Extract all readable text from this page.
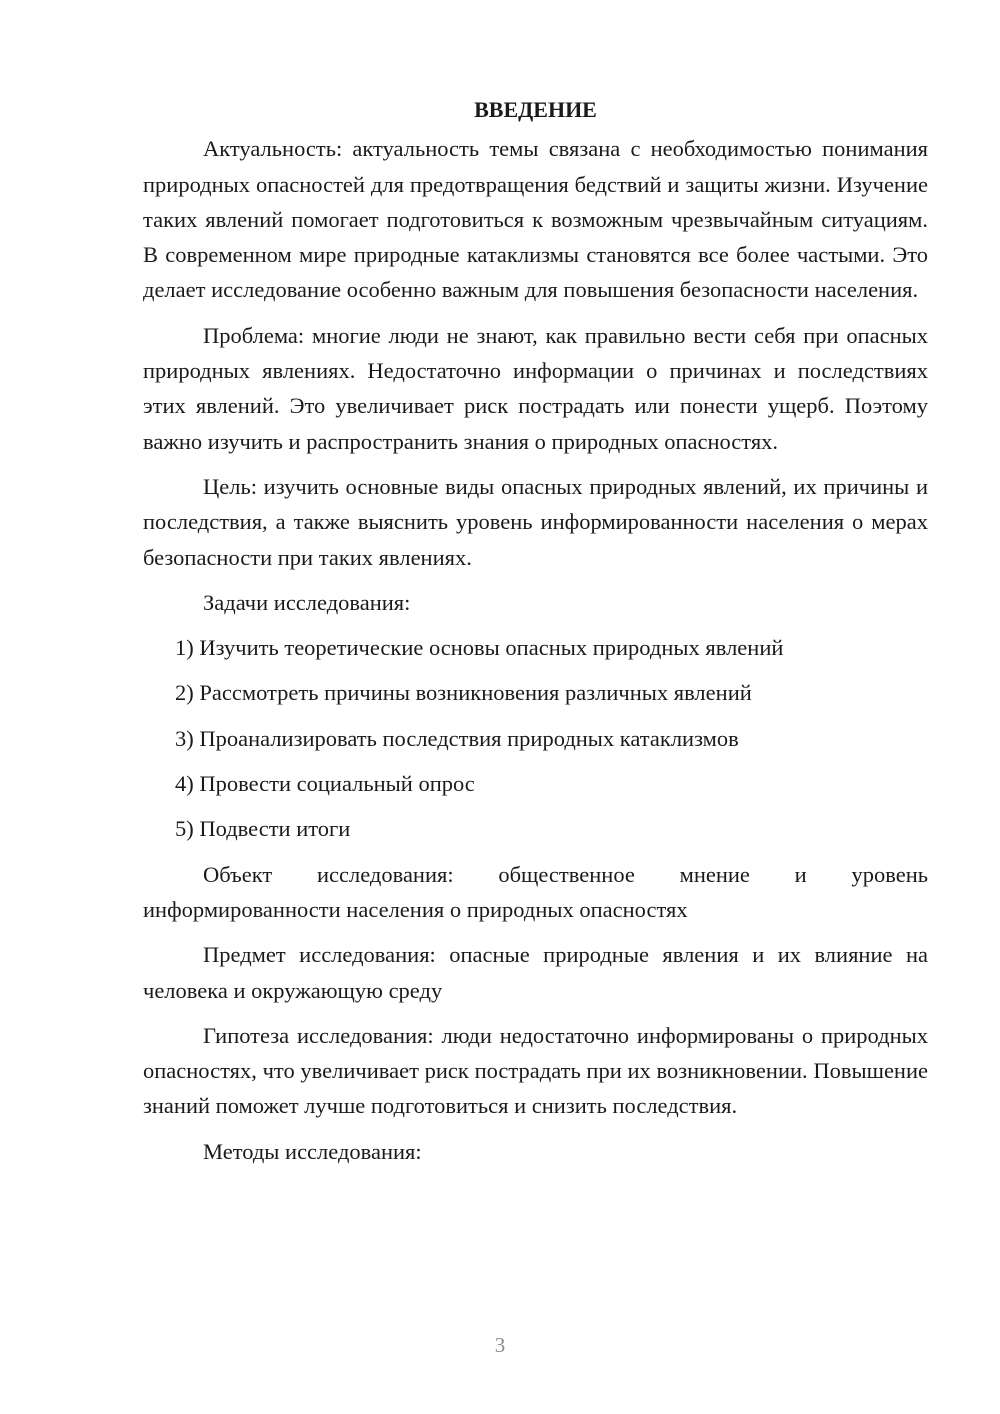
ВВЕДЕНИЕ

Актуальность: актуальность темы связана с необходимостью понимания природных опасностей для предотвращения бедствий и защиты жизни. Изучение таких явлений помогает подготовиться к возможным чрезвычайным ситуациям. В современном мире природные катаклизмы становятся все более частыми. Это делает исследование особенно важным для повышения безопасности населения.

Проблема: многие люди не знают, как правильно вести себя при опасных природных явлениях. Недостаточно информации о причинах и последствиях этих явлений. Это увеличивает риск пострадать или понести ущерб. Поэтому важно изучить и распространить знания о природных опасностях.

Цель: изучить основные виды опасных природных явлений, их причины и последствия, а также выяснить уровень информированности населения о мерах безопасности при таких явлениях.

Задачи исследования:

1) Изучить теоретические основы опасных природных явлений

2) Рассмотреть причины возникновения различных явлений

3) Проанализировать последствия природных катаклизмов

4) Провести социальный опрос

5) Подвести итоги

Объект исследования: общественное мнение и уровень информированности населения о природных опасностях

Предмет исследования: опасные природные явления и их влияние на человека и окружающую среду

Гипотеза исследования: люди недостаточно информированы о природных опасностях, что увеличивает риск пострадать при их возникновении. Повышение знаний поможет лучше подготовиться и снизить последствия.

Методы исследования:

3
